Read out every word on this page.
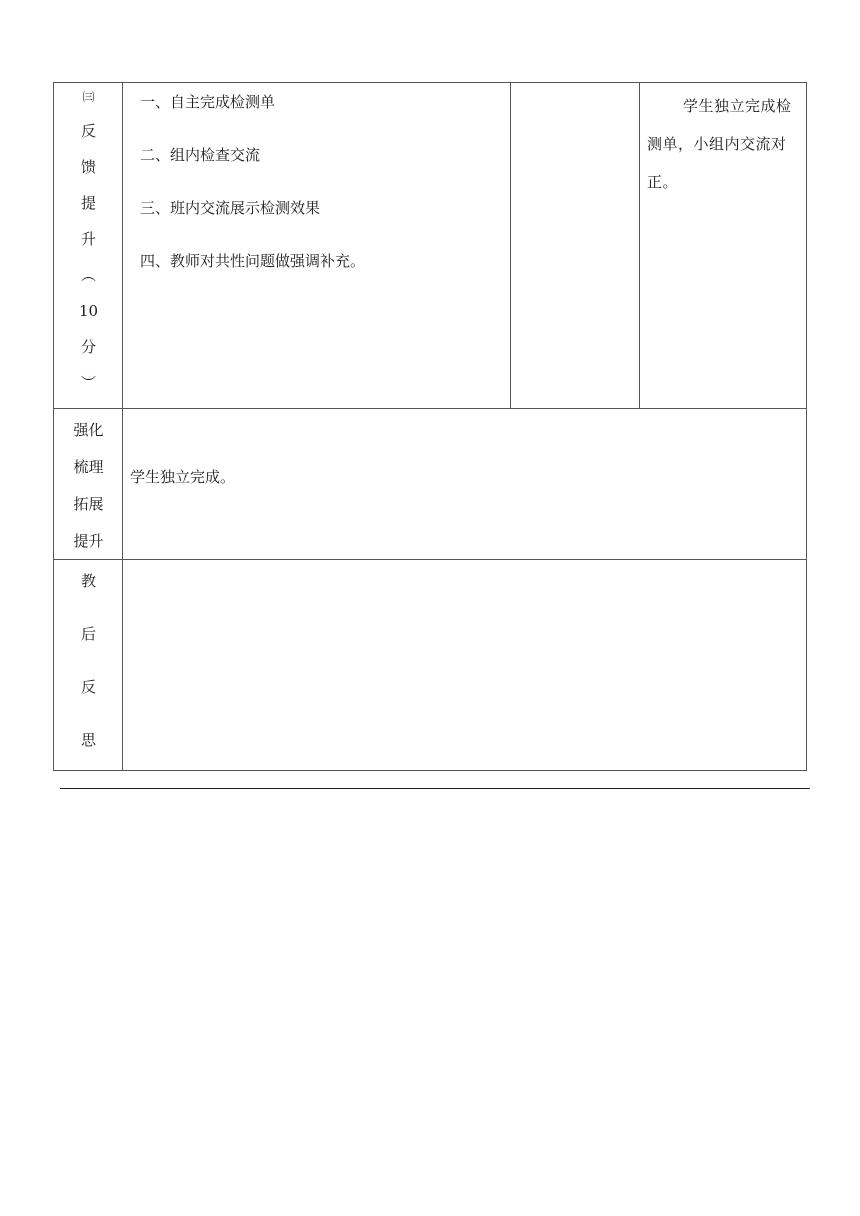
㈢
反
馈
提
升
︵
10
分
︶
一、自主完成检测单
二、组内检查交流
三、班内交流展示检测效果
四、教师对共性问题做强调补充。
学生独立完成检测单，小组内交流对正。
强化
梳理
拓展
提升
学生独立完成。
教
后
反
思
